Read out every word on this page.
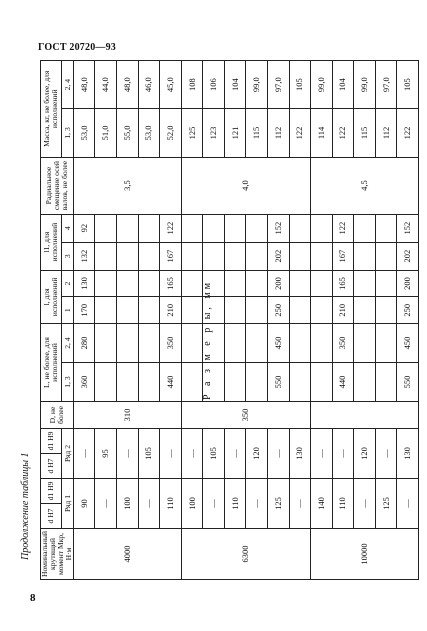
ГОСТ 20720—93
Продолжение таблицы 1
Р а з м е р ы, мм
8
Номинальный крутящий момент Мкр, Н·м	d H7	d1 H9	d H7	d1 H9	D, не более	L, не более, для исполнений		l, для исполнений		l1, для исполнений		Радиальное смещение осей валов, не более	Масса, кг, не более, для исполнений	
	Ряд 1		Ряд 2			1, 3	2, 4	1	2	3	4		1, 3	2, 4
4000	90		—		310	360	280	170	130	132	92	3,5	53,0	48,0
	—		95										51,0	44,0
	100		—										55,0	48,0
	—		105										53,0	46,0
	110		—			440	350	210	165	167	122		52,0	45,0
6300	100		—		350							4,0	125	108
	—		105										123	106
	110		—										121	104
	—		120										115	99,0
	125		—			550	450	250	200	202	152		112	97,0
	—		130										122	105
10000	140		—									4,5	114	99,0
	110		—			440	350	210	165	167	122		122	104
	—		120										115	99,0
	125		—										112	97,0
	—		130			550	450	250	200	202	152		122	105
